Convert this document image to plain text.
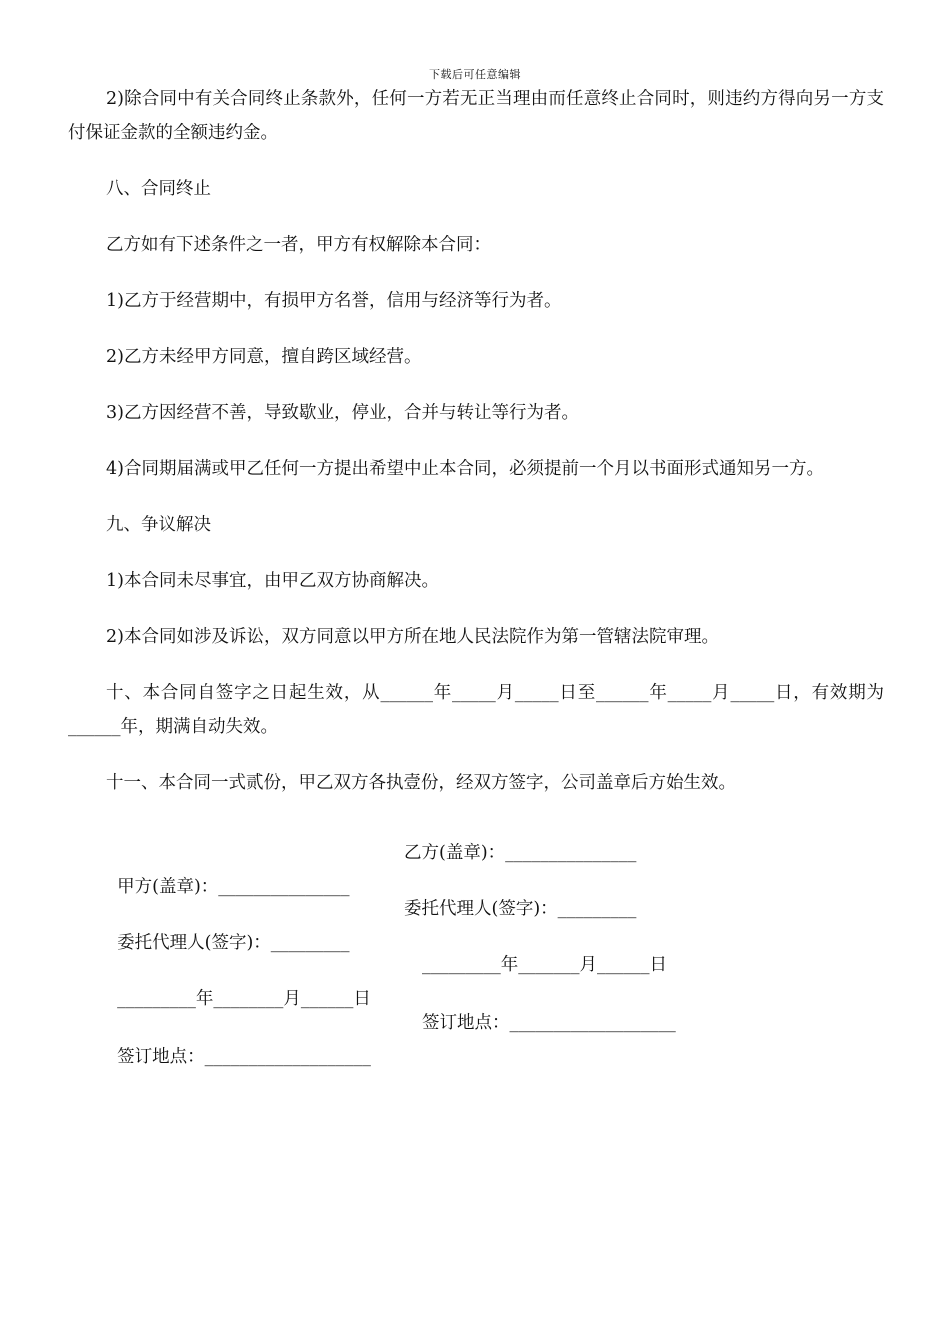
下载后可任意编辑

2)除合同中有关合同终止条款外，任何一方若无正当理由而任意终止合同时，则违约方得向另一方支付保证金款的全额违约金。

八、合同终止

乙方如有下述条件之一者，甲方有权解除本合同：

1)乙方于经营期中，有损甲方名誉，信用与经济等行为者。

2)乙方未经甲方同意，擅自跨区域经营。

3)乙方因经营不善，导致歇业，停业，合并与转让等行为者。

4)合同期届满或甲乙任何一方提出希望中止本合同，必须提前一个月以书面形式通知另一方。

九、争议解决

1)本合同未尽事宜，由甲乙双方协商解决。

2)本合同如涉及诉讼，双方同意以甲方所在地人民法院作为第一管辖法院审理。

十、本合同自签字之日起生效，从______年_____月_____日至______年_____月_____日，有效期为______年，期满自动失效。

十一、本合同一式贰份，甲乙双方各执壹份，经双方签字，公司盖章后方始生效。

甲方(盖章)：_______________

乙方(盖章)：_______________

委托代理人(签字)：_________

委托代理人(签字)：_________

_________年________月______日

_________年_______月______日

签订地点：___________________

签订地点：___________________
